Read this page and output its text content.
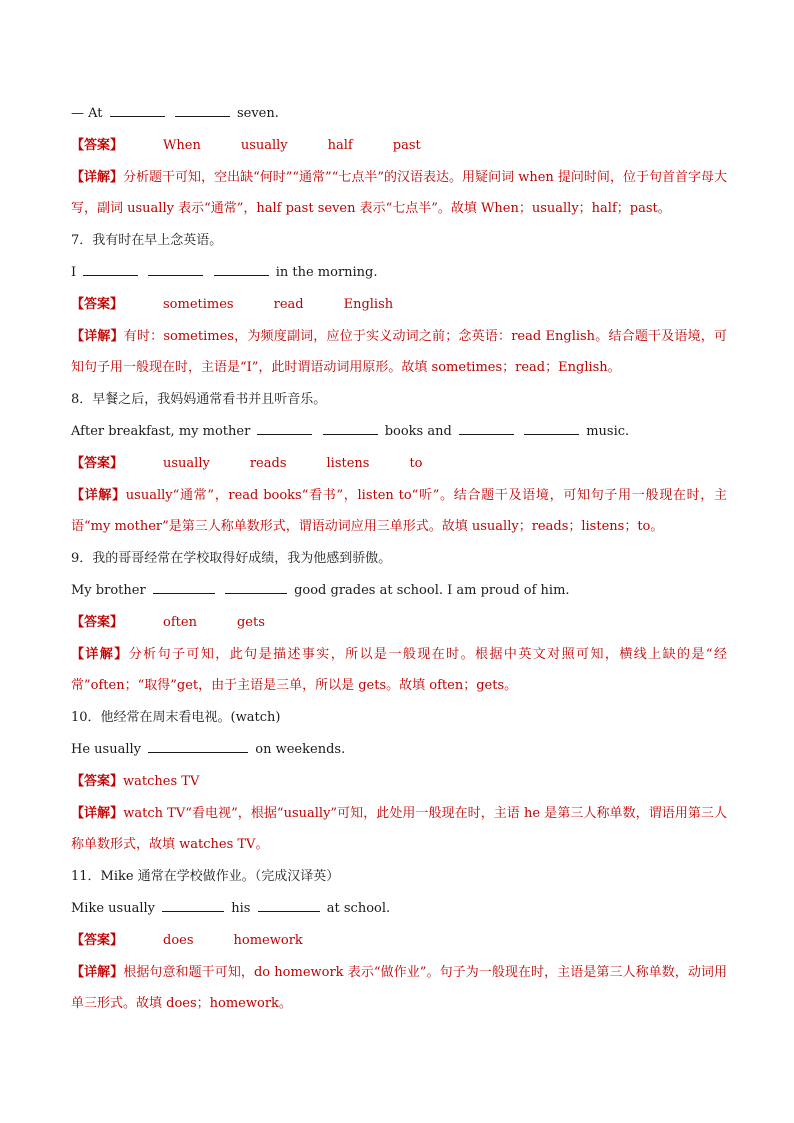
— At	seven.
【答案】	When	usually	half	past
【详解】分析题干可知，空出缺“何时”“通常”“七点半”的汉语表达。用疑问词 when 提问时间，位于句首首字母大写，副词 usually 表示“通常”，half past seven 表示“七点半”。故填 When；usually；half；past。
7．我有时在早上念英语。
I	in the morning.
【答案】	sometimes	read	English
【详解】有时：sometimes，为频度副词，应位于实义动词之前；念英语：read English。结合题干及语境，可知句子用一般现在时，主语是“I”，此时谓语动词用原形。故填 sometimes；read；English。
8．早餐之后，我妈妈通常看书并且听音乐。
After breakfast, my mother	books and	music.
【答案】	usually	reads	listens	to
【详解】usually“通常”，read books“看书”，listen to“听”。结合题干及语境，可知句子用一般现在时，主语“my mother”是第三人称单数形式，谓语动词应用三单形式。故填 usually；reads；listens；to。
9．我的哥哥经常在学校取得好成绩，我为他感到骄傲。
My brother	good grades at school. I am proud of him.
【答案】	often	gets
【详解】分析句子可知，此句是描述事实，所以是一般现在时。根据中英文对照可知，横线上缺的是“经常”often；“取得”get，由于主语是三单，所以是 gets。故填 often；gets。
10．他经常在周末看电视。(watch)
He usually	on weekends.
【答案】watches TV
【详解】watch TV“看电视”，根据“usually”可知，此处用一般现在时，主语 he 是第三人称单数，谓语用第三人称单数形式，故填 watches TV。
11．Mike 通常在学校做作业。（完成汉译英）
Mike usually	his	at school.
【答案】	does	homework
【详解】根据句意和题干可知，do homework 表示“做作业”。句子为一般现在时，主语是第三人称单数，动词用单三形式。故填 does；homework。
